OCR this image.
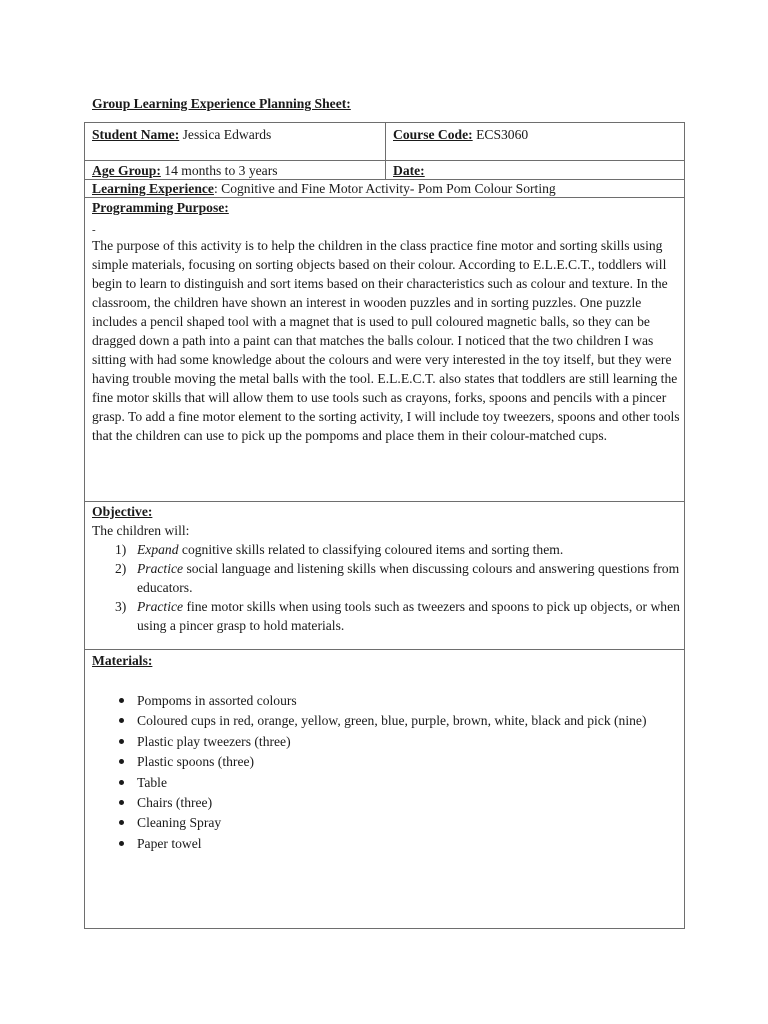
Group Learning Experience Planning Sheet:
Student Name: Jessica Edwards	Course Code: ECS3060
Age Group: 14 months to 3 years	Date:
Learning Experience: Cognitive and Fine Motor Activity- Pom Pom Colour Sorting
Programming Purpose:
-
The purpose of this activity is to help the children in the class practice fine motor and sorting skills using simple materials, focusing on sorting objects based on their colour. According to E.L.E.C.T., toddlers will begin to learn to distinguish and sort items based on their characteristics such as colour and texture. In the classroom, the children have shown an interest in wooden puzzles and in sorting puzzles. One puzzle includes a pencil shaped tool with a magnet that is used to pull coloured magnetic balls, so they can be dragged down a path into a paint can that matches the balls colour. I noticed that the two children I was sitting with had some knowledge about the colours and were very interested in the toy itself, but they were having trouble moving the metal balls with the tool. E.L.E.C.T. also states that toddlers are still learning the fine motor skills that will allow them to use tools such as crayons, forks, spoons and pencils with a pincer grasp. To add a fine motor element to the sorting activity, I will include toy tweezers, spoons and other tools that the children can use to pick up the pompoms and place them in their colour-matched cups.
Objective:
The children will:
1) Expand cognitive skills related to classifying coloured items and sorting them.
2) Practice social language and listening skills when discussing colours and answering questions from educators.
3) Practice fine motor skills when using tools such as tweezers and spoons to pick up objects, or when using a pincer grasp to hold materials.
Materials:
Pompoms in assorted colours
Coloured cups in red, orange, yellow, green, blue, purple, brown, white, black and pick (nine)
Plastic play tweezers (three)
Plastic spoons (three)
Table
Chairs (three)
Cleaning Spray
Paper towel
